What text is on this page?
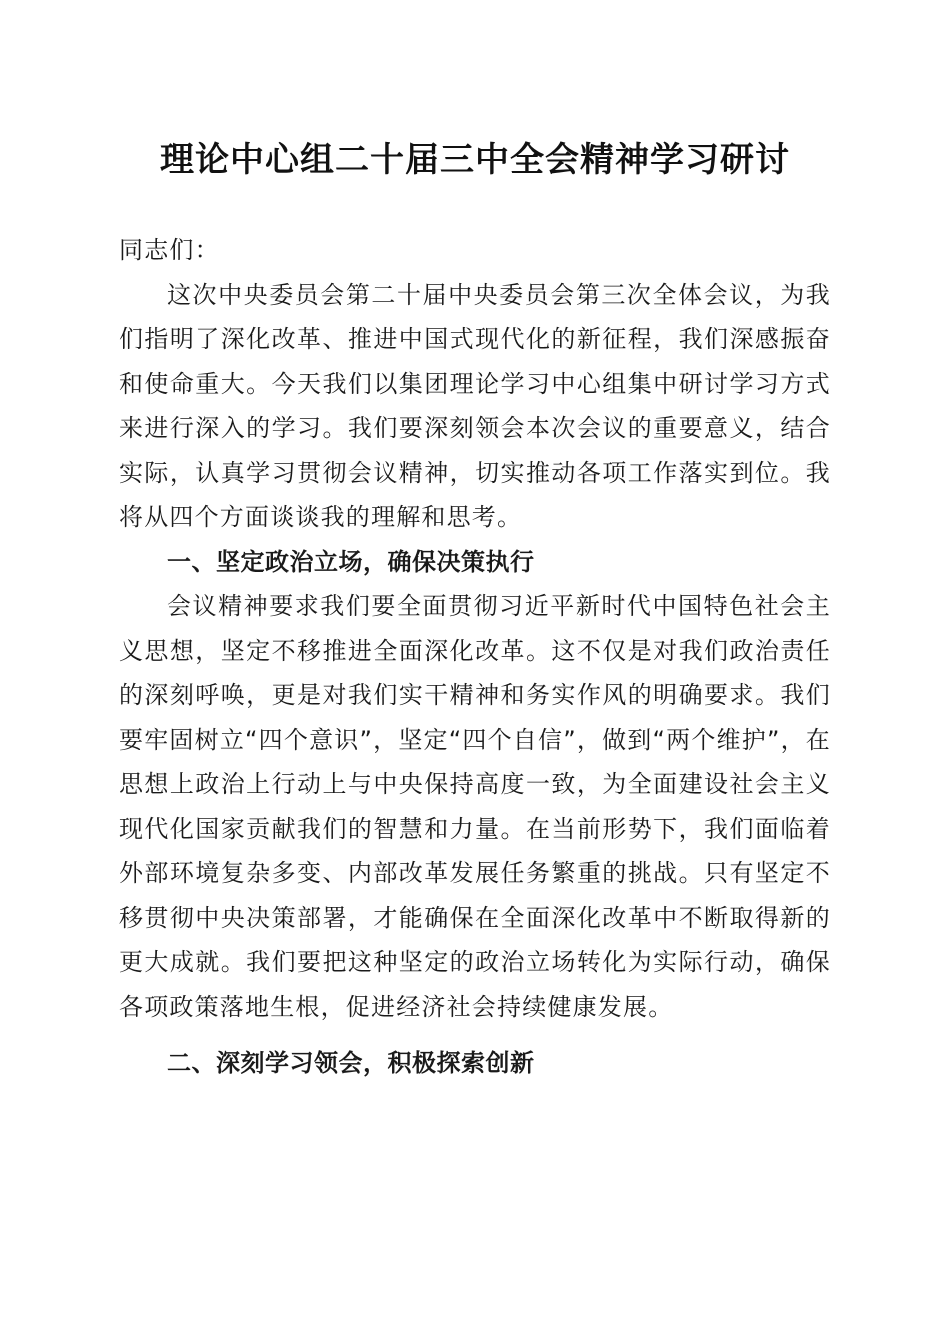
理论中心组二十届三中全会精神学习研讨

同志们：

这次中央委员会第二十届中央委员会第三次全体会议，为我们指明了深化改革、推进中国式现代化的新征程，我们深感振奋和使命重大。今天我们以集团理论学习中心组集中研讨学习方式来进行深入的学习。我们要深刻领会本次会议的重要意义，结合实际，认真学习贯彻会议精神，切实推动各项工作落实到位。我将从四个方面谈谈我的理解和思考。

一、坚定政治立场，确保决策执行

会议精神要求我们要全面贯彻习近平新时代中国特色社会主义思想，坚定不移推进全面深化改革。这不仅是对我们政治责任的深刻呼唤，更是对我们实干精神和务实作风的明确要求。我们要牢固树立“四个意识”，坚定“四个自信”，做到“两个维护”，在思想上政治上行动上与中央保持高度一致，为全面建设社会主义现代化国家贡献我们的智慧和力量。在当前形势下，我们面临着外部环境复杂多变、内部改革发展任务繁重的挑战。只有坚定不移贯彻中央决策部署，才能确保在全面深化改革中不断取得新的更大成就。我们要把这种坚定的政治立场转化为实际行动，确保各项政策落地生根，促进经济社会持续健康发展。

二、深刻学习领会，积极探索创新
